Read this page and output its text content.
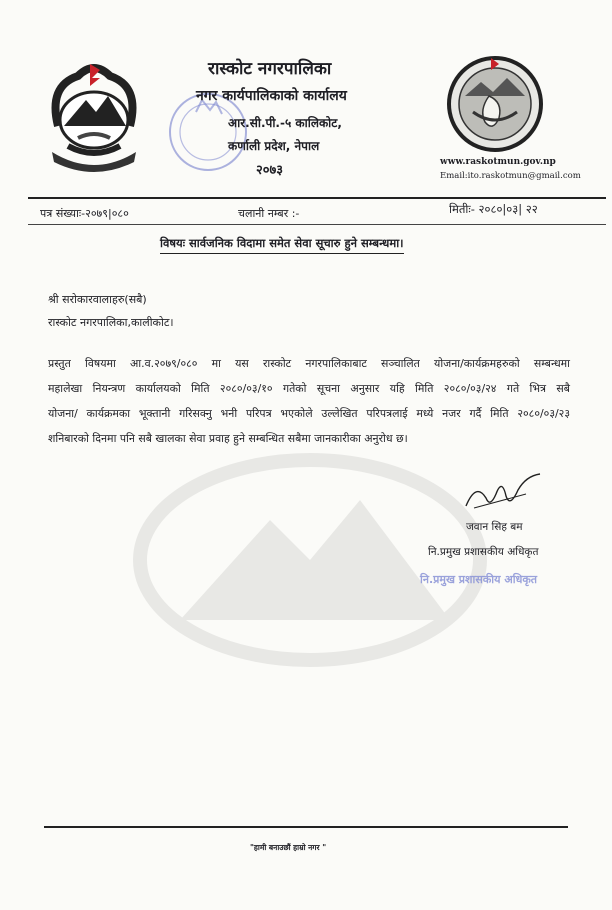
रास्कोट नगरपालिका
नगर कार्यपालिकाको कार्यालय
आर.सी.पी.-५ कालिकोट,
कर्णाली प्रदेश, नेपाल
२०७३
www.raskotmun.gov.np
Email:ito.raskotmun@gmail.com
पत्र संख्याः-२०७९|०८०	चलानी नम्बर :-	मितीः- २०८०|०३| २२
विषयः सार्वजनिक विदामा समेत सेवा सूचारु हुने सम्बन्धमा।
श्री सरोकारवालाहरु(सबै)
रास्कोट नगरपालिका,कालीकोट।
प्रस्तुत विषयमा आ.व.२०७९/०८० मा यस रास्कोट नगरपालिकाबाट सञ्चालित योजना/कार्यक्रमहरुको सम्बन्धमा
महालेखा नियन्त्रण कार्यालयको मिति २०८०/०३/१० गतेको सूचना अनुसार यहि मिति २०८०/०३/२४ गते भित्र सबै
योजना/ कार्यक्रमका भूक्तानी गरिसक्नु भनी परिपत्र भएकोले उल्लेखित परिपत्रलाई मध्ये नजर गर्दै मिति २०८०/०३/२३
शनिबारको दिनमा पनि सबै खालका सेवा प्रवाह हुने सम्बन्धित सबैमा जानकारीका अनुरोध छ।
जवान सिह बम
नि.प्रमुख प्रशासकीय अधिकृत
नि.प्रमुख प्रशासकीय अधिकृत
"हामी बनाउछौं हाम्रो नगर "
